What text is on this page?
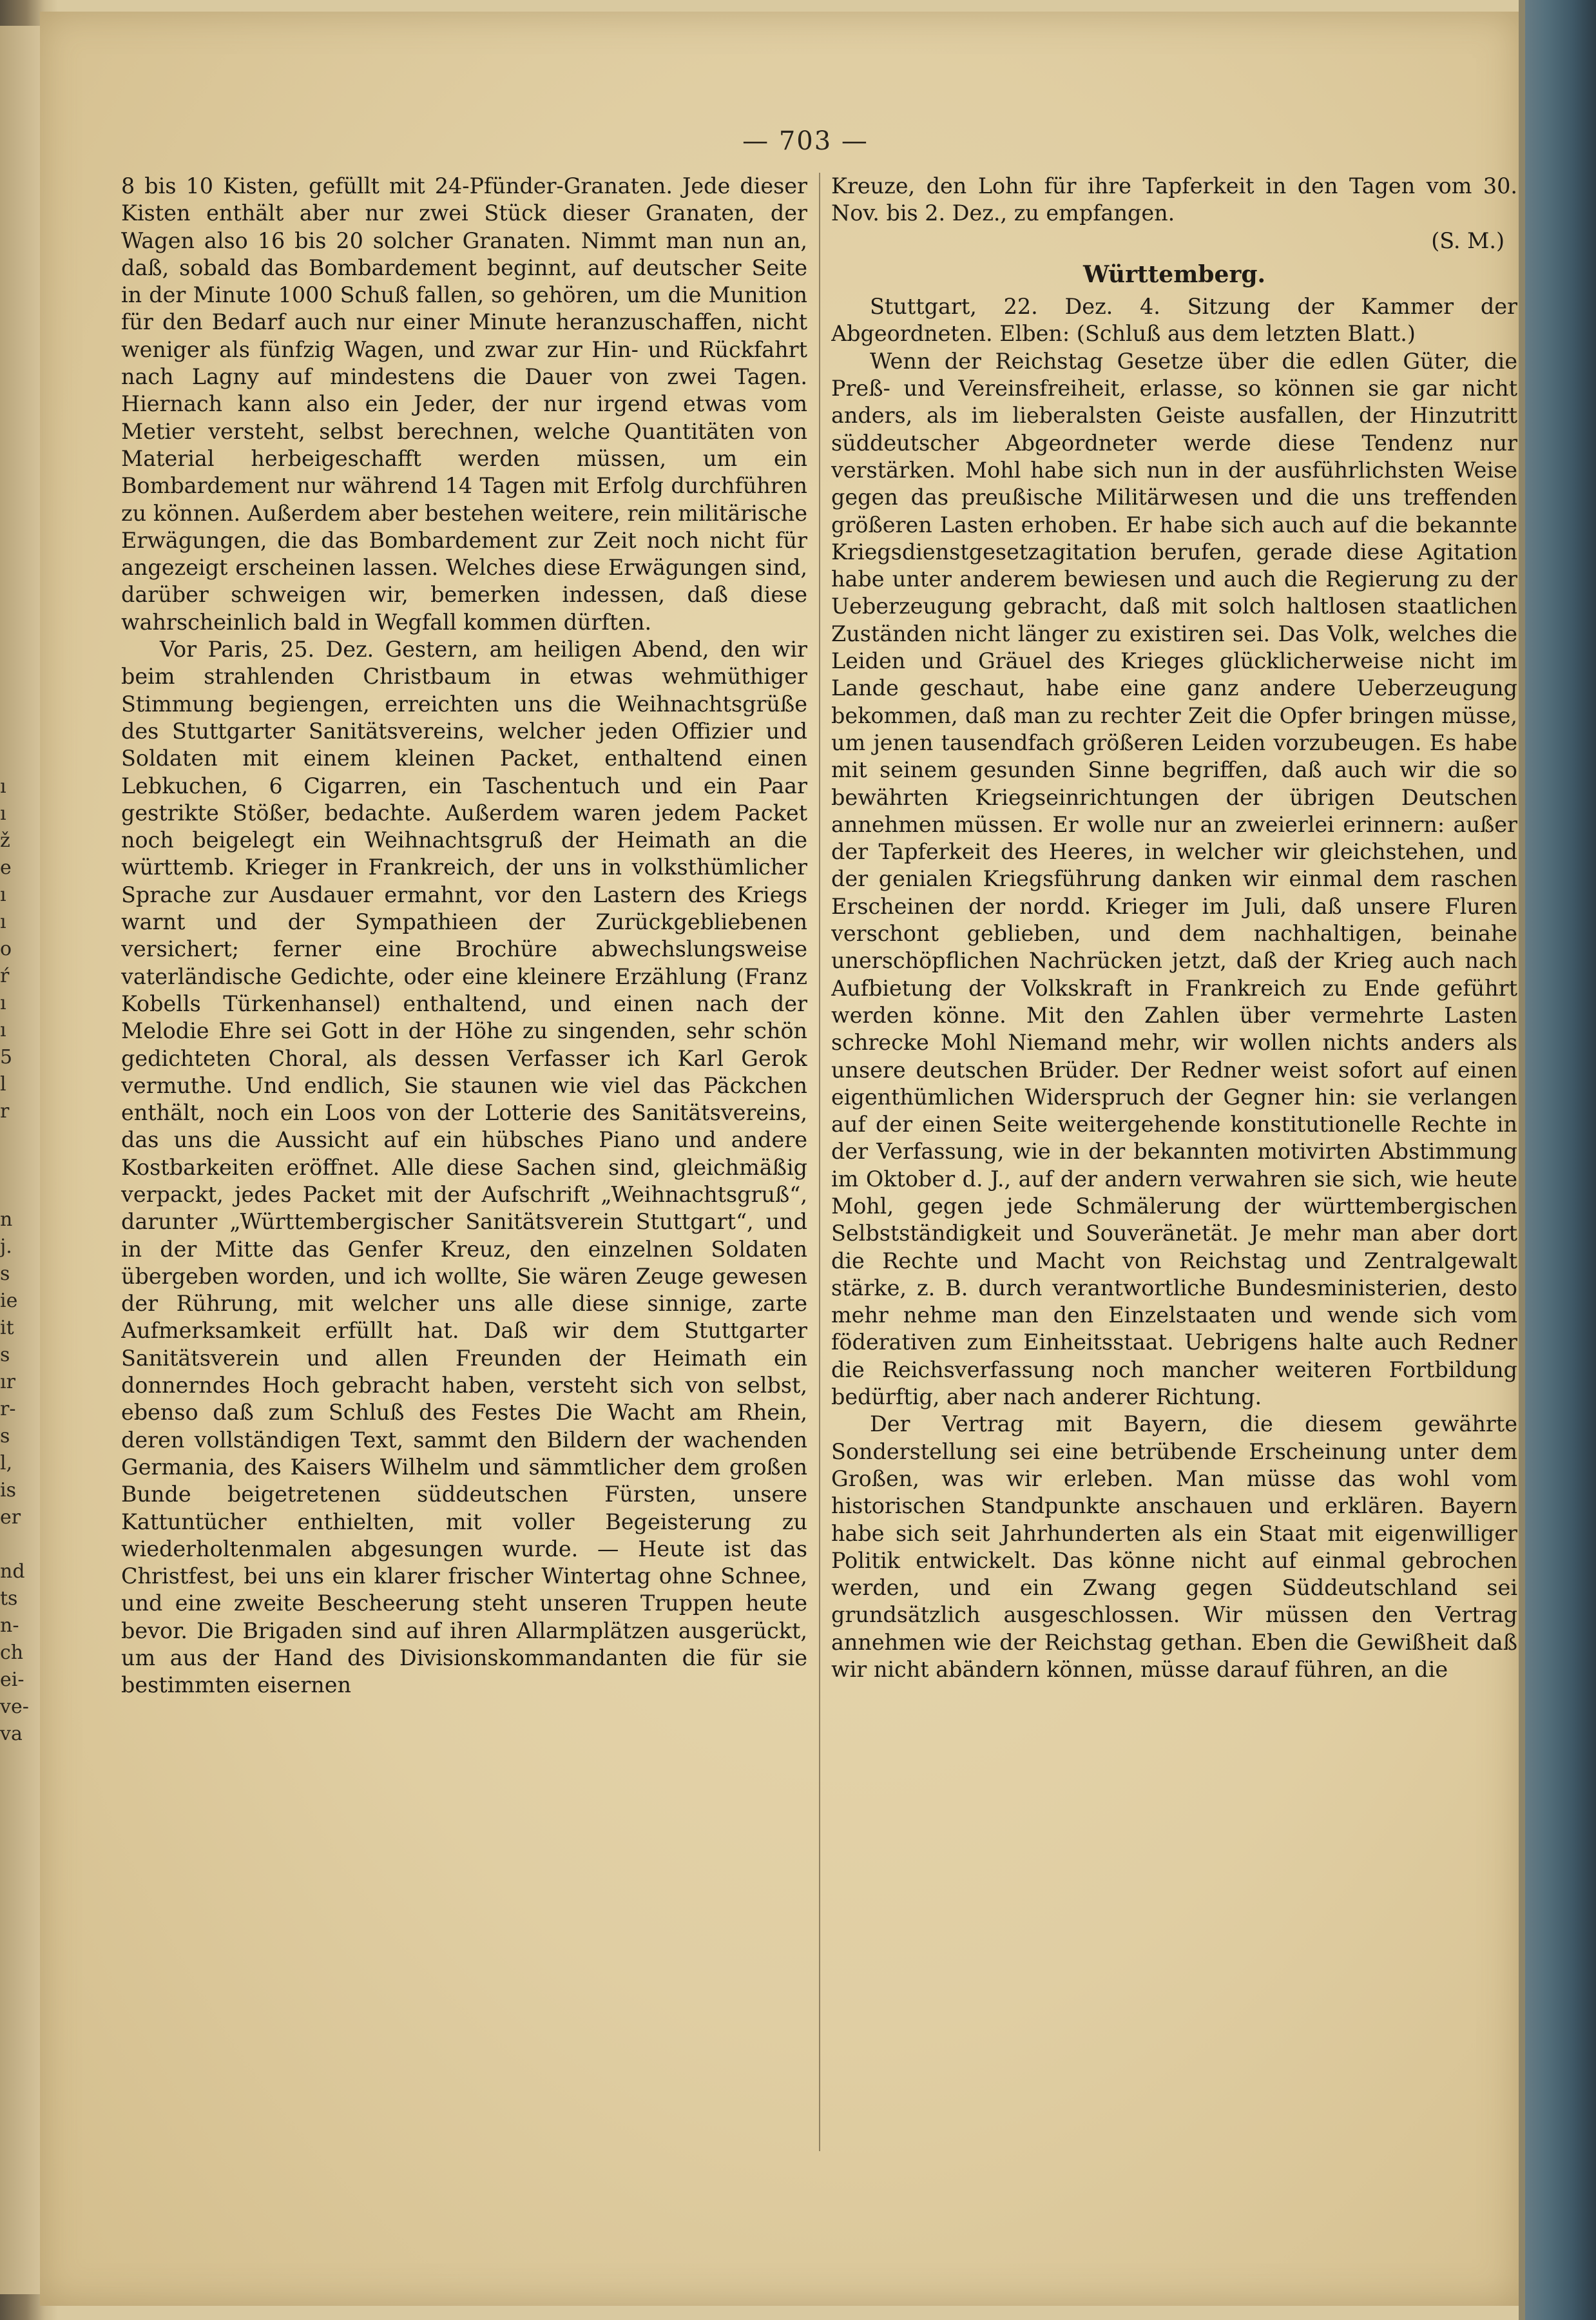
ı
ı
ž
e
ı
ı
o
ŕ
ı
ı
5
l
r

n
j.
s
ie
it
s
ır
r-
s
l,
is
er

nd
ts
n-
ch
ei-
ve-
va
— 703 —

8 bis 10 Kisten, gefüllt mit 24-Pfünder-Granaten. Jede dieser Kisten enthält aber nur zwei Stück dieser Granaten, der Wagen also 16 bis 20 solcher Granaten. Nimmt man nun an, daß, sobald das Bombardement beginnt, auf deutscher Seite in der Minute 1000 Schuß fallen, so gehören, um die Munition für den Bedarf auch nur einer Minute heranzuschaffen, nicht weniger als fünfzig Wagen, und zwar zur Hin- und Rückfahrt nach Lagny auf mindestens die Dauer von zwei Tagen. Hiernach kann also ein Jeder, der nur irgend etwas vom Metier versteht, selbst berechnen, welche Quantitäten von Material herbeigeschafft werden müssen, um ein Bombardement nur während 14 Tagen mit Erfolg durchführen zu können. Außerdem aber bestehen weitere, rein militärische Erwägungen, die das Bombardement zur Zeit noch nicht für angezeigt erscheinen lassen. Welches diese Erwägungen sind, darüber schweigen wir, bemerken indessen, daß diese wahrscheinlich bald in Wegfall kommen dürften.

Vor Paris, 25. Dez. Gestern, am heiligen Abend, den wir beim strahlenden Christbaum in etwas wehmüthiger Stimmung begiengen, erreichten uns die Weihnachtsgrüße des Stuttgarter Sanitätsvereins, welcher jeden Offizier und Soldaten mit einem kleinen Packet, enthaltend einen Lebkuchen, 6 Cigarren, ein Taschentuch und ein Paar gestrikte Stößer, bedachte. Außerdem waren jedem Packet noch beigelegt ein Weihnachtsgruß der Heimath an die württemb. Krieger in Frankreich, der uns in volksthümlicher Sprache zur Ausdauer ermahnt, vor den Lastern des Kriegs warnt und der Sympathieen der Zurückgebliebenen versichert; ferner eine Brochüre abwechslungsweise vaterländische Gedichte, oder eine kleinere Erzählung (Franz Kobells Türkenhansel) enthaltend, und einen nach der Melodie Ehre sei Gott in der Höhe zu singenden, sehr schön gedichteten Choral, als dessen Verfasser ich Karl Gerok vermuthe. Und endlich, Sie staunen wie viel das Päckchen enthält, noch ein Loos von der Lotterie des Sanitätsvereins, das uns die Aussicht auf ein hübsches Piano und andere Kostbarkeiten eröffnet. Alle diese Sachen sind, gleichmäßig verpackt, jedes Packet mit der Aufschrift „Weihnachtsgruß“, darunter „Württembergischer Sanitätsverein Stuttgart“, und in der Mitte das Genfer Kreuz, den einzelnen Soldaten übergeben worden, und ich wollte, Sie wären Zeuge gewesen der Rührung, mit welcher uns alle diese sinnige, zarte Aufmerksamkeit erfüllt hat. Daß wir dem Stuttgarter Sanitätsverein und allen Freunden der Heimath ein donnerndes Hoch gebracht haben, versteht sich von selbst, ebenso daß zum Schluß des Festes Die Wacht am Rhein, deren vollständigen Text, sammt den Bildern der wachenden Germania, des Kaisers Wilhelm und sämmtlicher dem großen Bunde beigetretenen süddeutschen Fürsten, unsere Kattuntücher enthielten, mit voller Begeisterung zu wiederholtenmalen abgesungen wurde. — Heute ist das Christfest, bei uns ein klarer frischer Wintertag ohne Schnee, und eine zweite Bescheerung steht unseren Truppen heute bevor. Die Brigaden sind auf ihren Allarmplätzen ausgerückt, um aus der Hand des Divisionskommandanten die für sie bestimmten eisernen

Kreuze, den Lohn für ihre Tapferkeit in den Tagen vom 30. Nov. bis 2. Dez., zu empfangen.

(S. M.)

Württemberg.

Stuttgart, 22. Dez. 4. Sitzung der Kammer der Abgeordneten. Elben: (Schluß aus dem letzten Blatt.)

Wenn der Reichstag Gesetze über die edlen Güter, die Preß- und Vereinsfreiheit, erlasse, so können sie gar nicht anders, als im lieberalsten Geiste ausfallen, der Hinzutritt süddeutscher Abgeordneter werde diese Tendenz nur verstärken. Mohl habe sich nun in der ausführlichsten Weise gegen das preußische Militärwesen und die uns treffenden größeren Lasten erhoben. Er habe sich auch auf die bekannte Kriegsdienstgesetzagitation berufen, gerade diese Agitation habe unter anderem bewiesen und auch die Regierung zu der Ueberzeugung gebracht, daß mit solch haltlosen staatlichen Zuständen nicht länger zu existiren sei. Das Volk, welches die Leiden und Gräuel des Krieges glücklicherweise nicht im Lande geschaut, habe eine ganz andere Ueberzeugung bekommen, daß man zu rechter Zeit die Opfer bringen müsse, um jenen tausendfach größeren Leiden vorzubeugen. Es habe mit seinem gesunden Sinne begriffen, daß auch wir die so bewährten Kriegseinrichtungen der übrigen Deutschen annehmen müssen. Er wolle nur an zweierlei erinnern: außer der Tapferkeit des Heeres, in welcher wir gleichstehen, und der genialen Kriegsführung danken wir einmal dem raschen Erscheinen der nordd. Krieger im Juli, daß unsere Fluren verschont geblieben, und dem nachhaltigen, beinahe unerschöpflichen Nachrücken jetzt, daß der Krieg auch nach Aufbietung der Volkskraft in Frankreich zu Ende geführt werden könne. Mit den Zahlen über vermehrte Lasten schrecke Mohl Niemand mehr, wir wollen nichts anders als unsere deutschen Brüder. Der Redner weist sofort auf einen eigenthümlichen Widerspruch der Gegner hin: sie verlangen auf der einen Seite weitergehende konstitutionelle Rechte in der Verfassung, wie in der bekannten motivirten Abstimmung im Oktober d. J., auf der andern verwahren sie sich, wie heute Mohl, gegen jede Schmälerung der württembergischen Selbstständigkeit und Souveränetät. Je mehr man aber dort die Rechte und Macht von Reichstag und Zentralgewalt stärke, z. B. durch verantwortliche Bundesministerien, desto mehr nehme man den Einzelstaaten und wende sich vom föderativen zum Einheitsstaat. Uebrigens halte auch Redner die Reichsverfassung noch mancher weiteren Fortbildung bedürftig, aber nach anderer Richtung.

Der Vertrag mit Bayern, die diesem gewährte Sonderstellung sei eine betrübende Erscheinung unter dem Großen, was wir erleben. Man müsse das wohl vom historischen Standpunkte anschauen und erklären. Bayern habe sich seit Jahrhunderten als ein Staat mit eigenwilliger Politik entwickelt. Das könne nicht auf einmal gebrochen werden, und ein Zwang gegen Süddeutschland sei grundsätzlich ausgeschlossen. Wir müssen den Vertrag annehmen wie der Reichstag gethan. Eben die Gewißheit daß wir nicht abändern können, müsse darauf führen, an die
